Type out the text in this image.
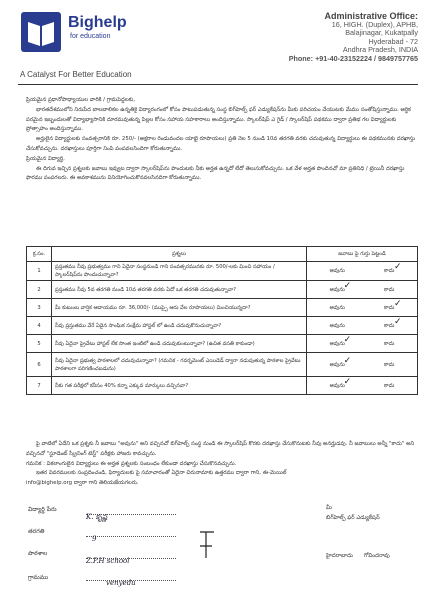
Bighelp
for education
A Catalyst For Better Education
Administrative Office:
16, HIGH. (Duplex), APHB,
Balajinagar, Kukatpally
Hyderabad - 72
Andhra Pradesh, INDIA
Phone: +91-40-23152224 / 9849757765

ప్రియమైన ప్రధానోపాధ్యాయుల వారికి / గ్రామపెద్దలకు,

భారతదేశములోని నిరుపేద బాలబాలికల ఉన్నతికై విద్యారంగంలో కోసం పాటుపడుతున్న సంస్థ బిగ్‌హెల్ప్ ఫర్ ఎడ్యుకేషన్‌ను మీకు పరిచయం చేయుటకు మేము సంతోషిస్తున్నాము. ఆర్థిక పరమైన ఇబ్బందులతో విద్యాభ్యాసానికి దూరమవుతున్న పిల్లల కోసం సహాయ సహకారాలు అందిస్తున్నాము. స్కాలర్‌షిప్ ఎ గైడ్ / స్కాలర్‌షిప్ పథకము ద్వారా ప్రతిభ గల విద్యార్థులకు ప్రోత్సాహం అందిస్తున్నాము.

అర్హులైన విద్యార్థులకు సంవత్సరానికి రూ. 250/- (అక్షరాల రెండువందల యాభై రూపాయలు) ప్రతి నెల 5 నుండి 10వ తరగతి వరకు చదువుతున్న విద్యార్థులు ఈ పథకమునకు దరఖాస్తు చేసుకోవచ్చును. దరఖాస్తులు పూర్తిగా నింపి పంపవలసిందిగా కోరుతున్నాము.

ప్రియమైన విద్యార్థి,

ఈ దిగువ ఇచ్చిన ప్రశ్నలకు జవాబు ఇవ్వుట ద్వారా స్కాలర్‌షిప్‌ను పొందుటకు నీకు అర్హత ఉన్నదో లేదో తెలుసుకోవచ్చును. ఒక వేళ అర్హత పొందినచో మా ప్రతినిధి / ట్రెయినీ దరఖాస్తు ఫారము పంపగలరు. ఈ అవకాశమును వినియోగించుకొనవలసినదిగా కోరుతున్నాము.

క్ర.సం.	ప్రశ్నలు	జవాబు పై గుర్తు పెట్టండి
1	ప్రస్తుతము నీవు ప్రభుత్వము గాని ఏదైనా సంస్థనుండి గాని సంవత్సరమునకు రూ. 500/-లకు మించి సహాయం / స్కాలర్‌షిప్‌ను పొందుచున్నావా?	అవును కాదు ✓

2	ప్రస్తుతము నీవు 5వ తరగతి నుండి 10వ తరగతి వరకు ఏదో ఒక తరగతి చదువుతున్నావా?	అవును
✓ కాదు

3	మీ కుటుంబ వార్షిక ఆదాయము రూ. 36,000/- (ముప్పై ఆరు వేల రూపాయలు) మించియున్నదా?	అవును కాదు ✓

4	నీవు ప్రస్తుతము వేరే ఏదైన సాంఘిక సంక్షేమ హాస్టల్ లో ఉండి చదువుకొనుచున్నావా?	అవును కాదు ✓

5	నీవు ఏదైనా ప్రైవేటు హాస్టల్ లేక సొంత ఇంటిలో ఉండి చదువుకుంటున్నావా? (ఉచిత వసతి కాకుండా)	అవును
✓ కాదు

6	నీవు ఏదైనా ప్రభుత్వ పాఠశాలలో చదువుచున్నావా? (గమనిక - గవర్నమెంట్ ఎయిడెడ్ ద్వారా నడుపుతున్న పాఠశాల ప్రైవేటు పాఠశాలగా పరిగణించబడును)	అవును
✓ కాదు

7	నీకు గత పరీక్షలో కనీసం 40% కన్నా ఎక్కువ మార్కులు వచ్చినవా?	అవును
✓ కాదు

పై వాటిలో ఏదేని ఒక ప్రశ్నకు నీ జవాబు "అవును" అని వచ్చినచో బిగ్‌హెల్ప్ సంస్థ నుండి ఈ స్కాలర్‌షిప్ కొరకు దరఖాస్తు చేసుకొనుటకు నీవు అనర్హుడవు. నీ జవాబులు అన్నీ "కాదు" అని వచ్చినచో "స్టూడెంట్ స్క్రీనింగ్ టెస్ట్" పరీక్షకు హాజరు కావచ్చును.

గమనిక : వికలాంగులైన విద్యార్థులు ఈ అర్హత ప్రశ్నలకు సంబంధం లేకుండా దరఖాస్తు చేసుకొనవచ్చును.

ఇతర వివరములకు సంప్రదించండి, ఫిర్యాదులకు పై సమాచారంతో ఏదైనా చిరునామాకు ఉత్తరము ద్వారా గాని, ఈ-మెయిల్

info@bighelp.org ద్వారా గాని తెలియజేయగలరు.

విద్యార్థి పేరు
K. కృష్ణ
తరగతి
9
పాఠశాల
Z.P.H school
గ్రామము
venyedu
మీ
బిగ్‌హెల్ప్ ఫర్ ఎడ్యుకేషన్
హైదరాబాదు గోవిందరావు
